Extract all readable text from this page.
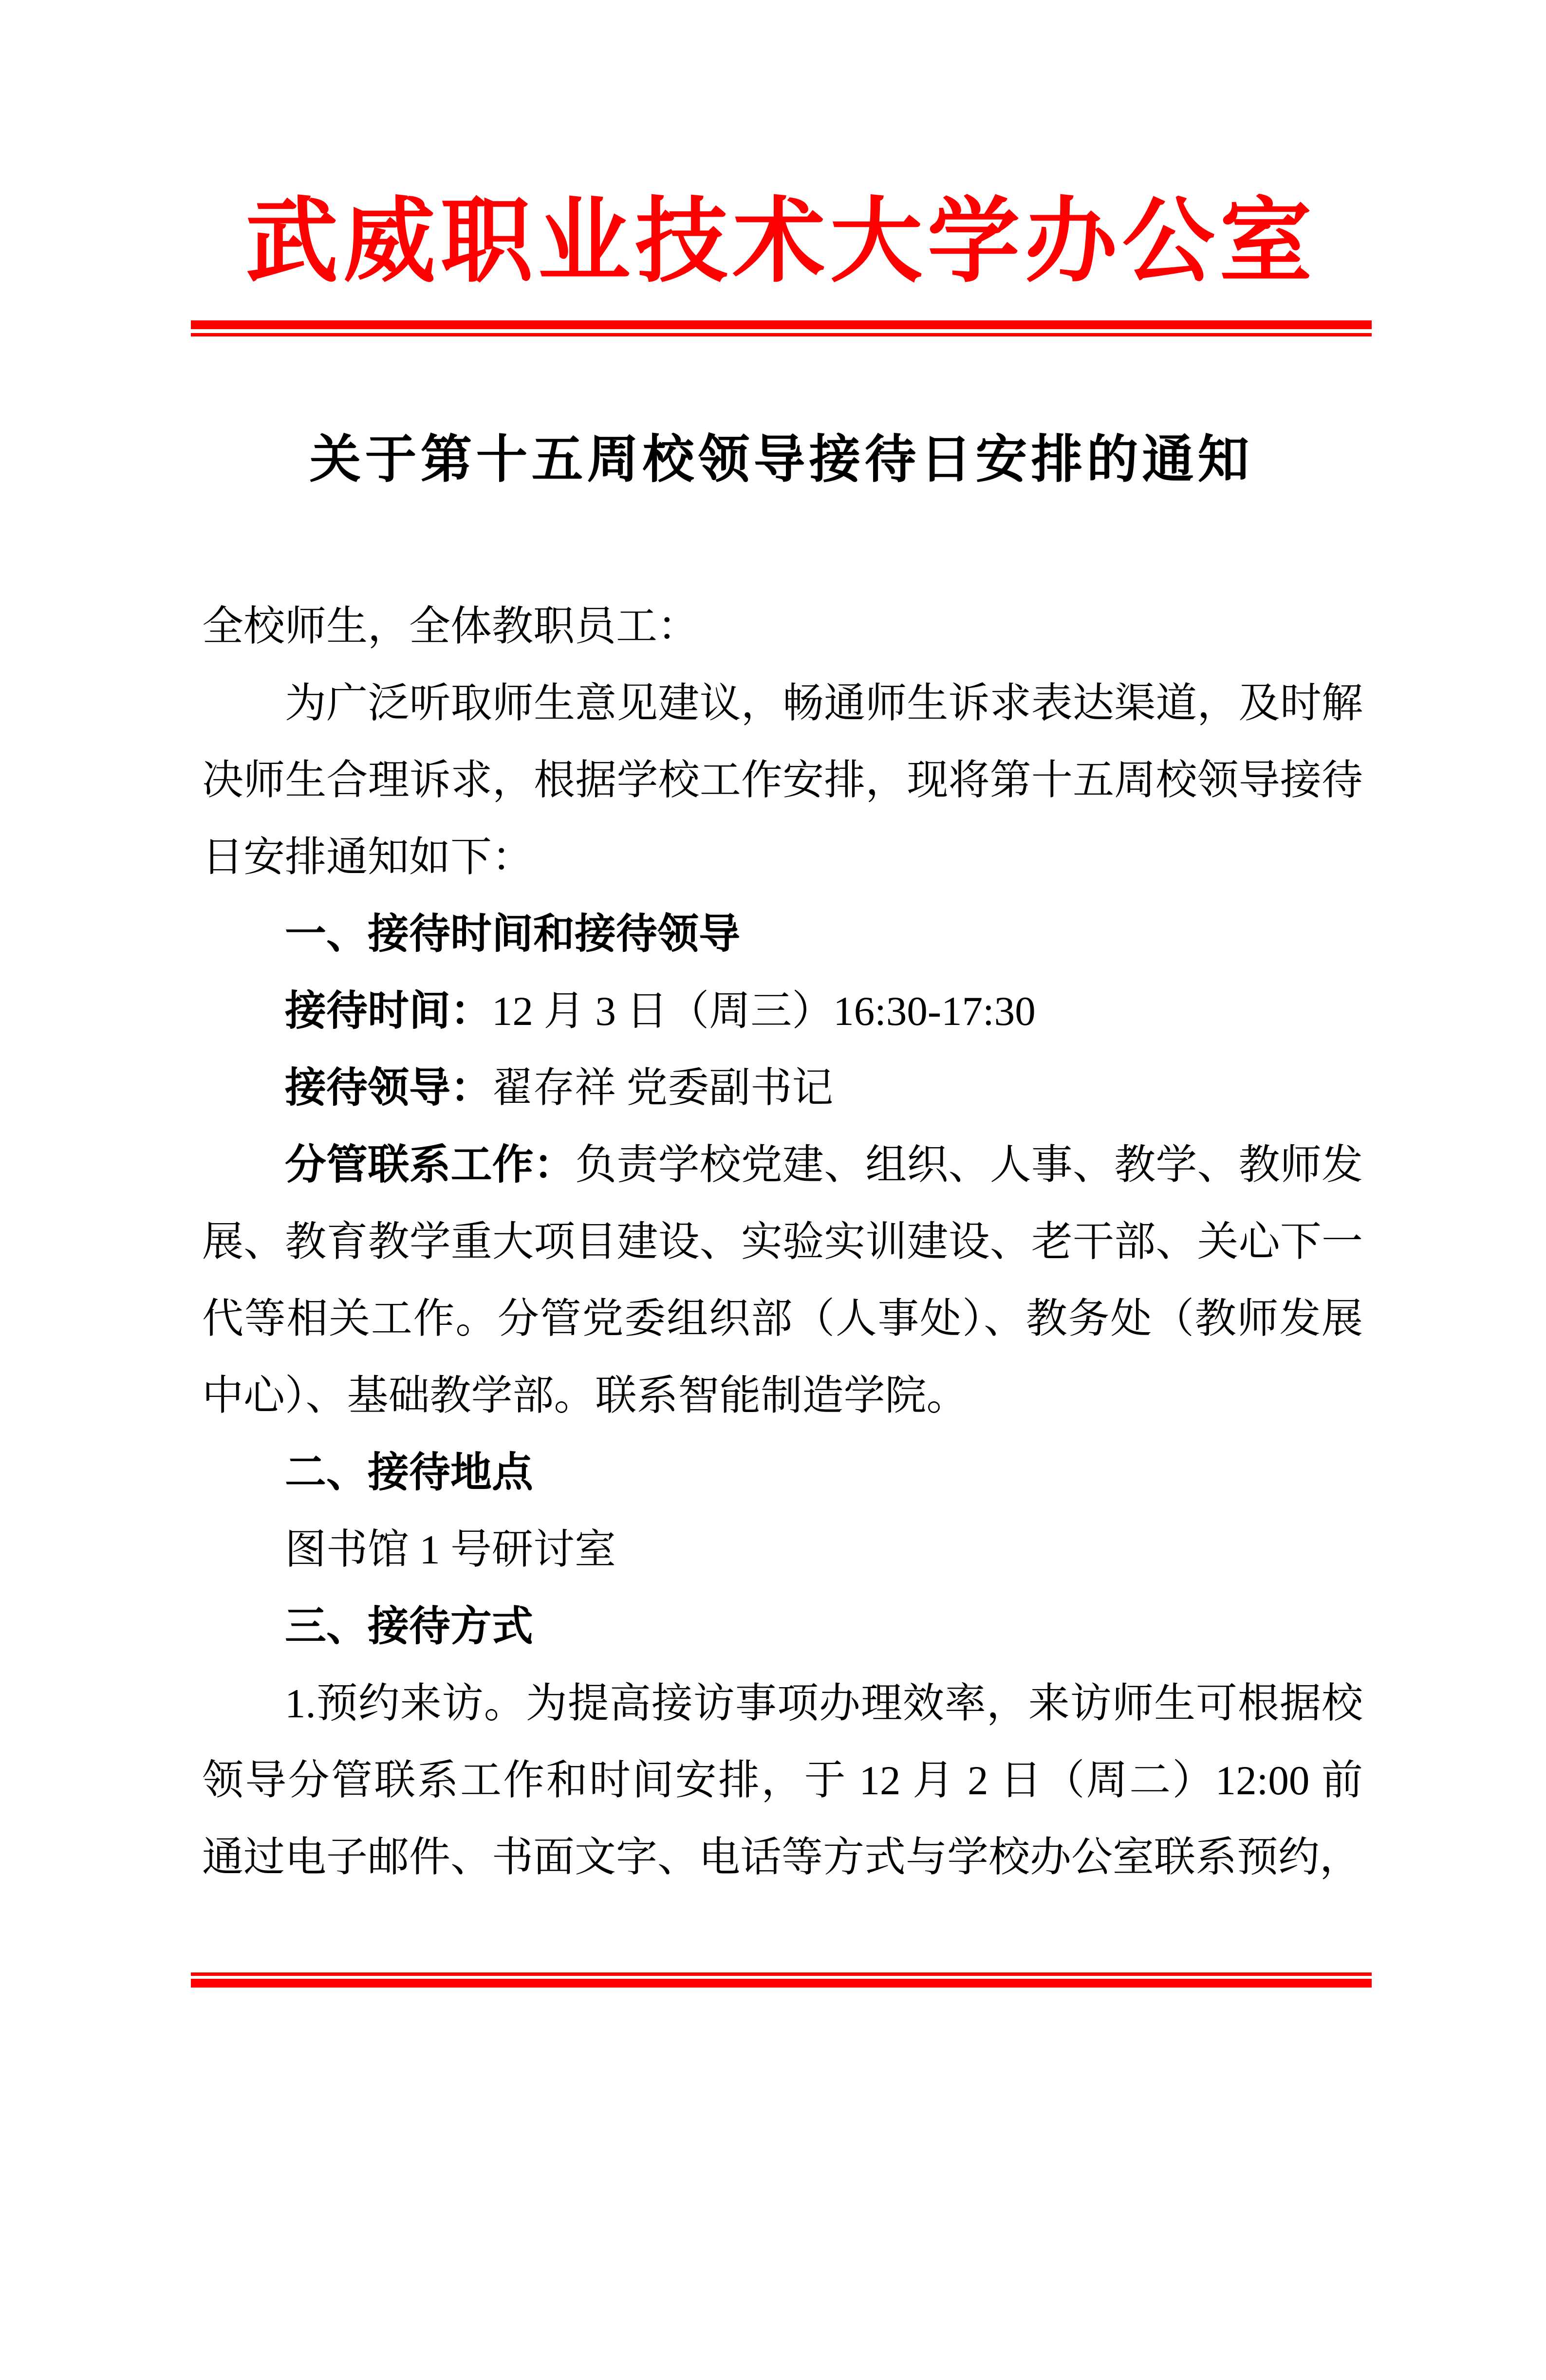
武威职业技术大学办公室
关于第十五周校领导接待日安排的通知
全校师生，全体教职员工：
为广泛听取师生意见建议，畅通师生诉求表达渠道，及时解
决师生合理诉求，根据学校工作安排，现将第十五周校领导接待
日安排通知如下：
一、接待时间和接待领导
接待时间：12 月 3 日（周三）16:30-17:30
接待领导：翟存祥 党委副书记
分管联系工作：负责学校党建、组织、人事、教学、教师发
展、教育教学重大项目建设、实验实训建设、老干部、关心下一
代等相关工作。分管党委组织部（人事处）、教务处（教师发展
中心）、基础教学部。联系智能制造学院。
二、接待地点
图书馆 1 号研讨室
三、接待方式
1.预约来访。为提高接访事项办理效率，来访师生可根据校
领导分管联系工作和时间安排，于 12 月 2 日（周二）12:00 前
通过电子邮件、书面文字、电话等方式与学校办公室联系预约，
